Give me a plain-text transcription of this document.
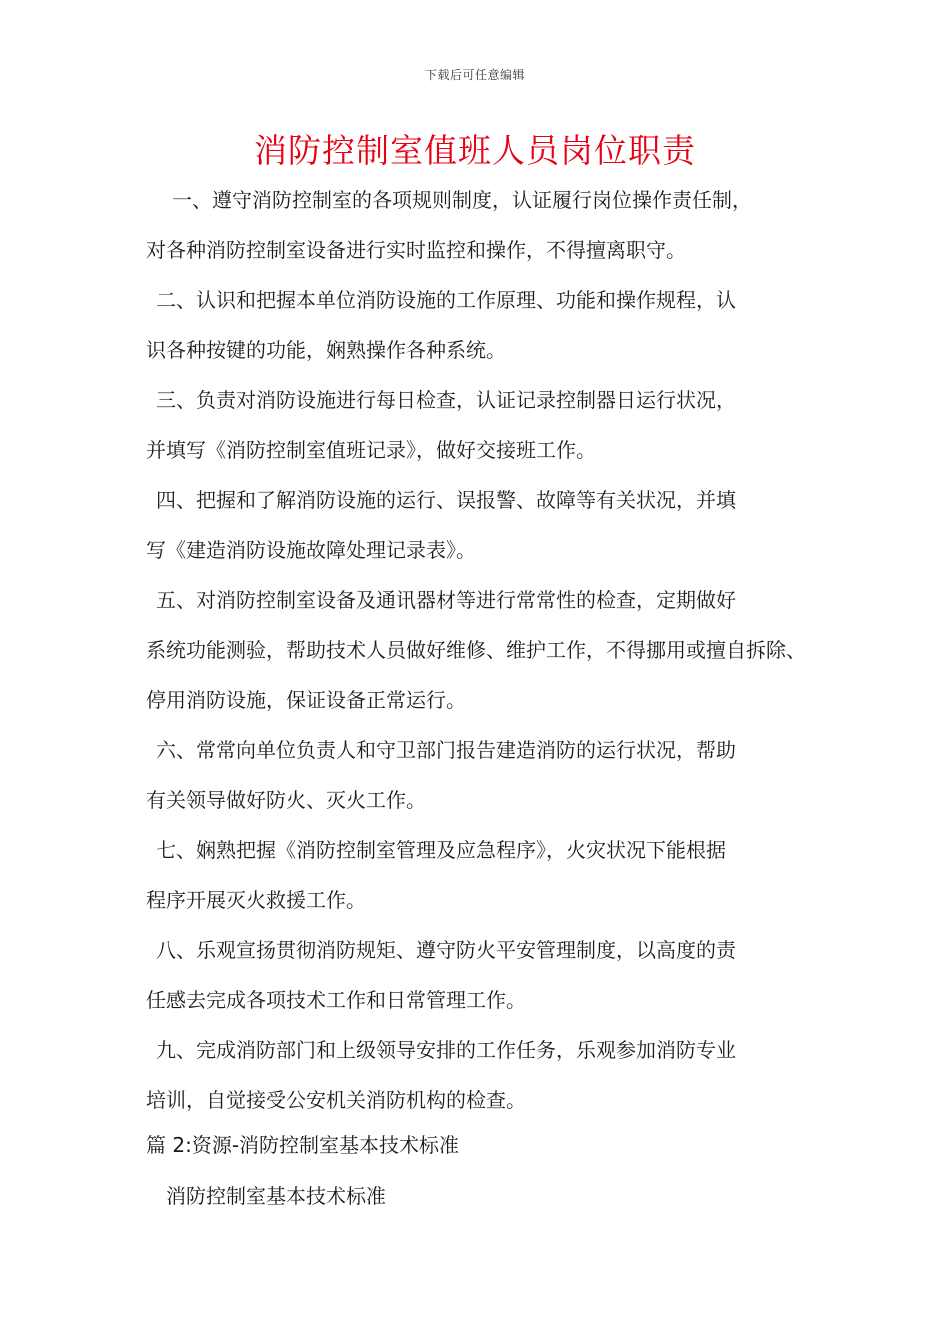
下载后可任意编辑
消防控制室值班人员岗位职责

一、遵守消防控制室的各项规则制度，认证履行岗位操作责任制，
对各种消防控制室设备进行实时监控和操作，不得擅离职守。

二、认识和把握本单位消防设施的工作原理、功能和操作规程，认
识各种按键的功能，娴熟操作各种系统。

三、负责对消防设施进行每日检查，认证记录控制器日运行状况，
并填写《消防控制室值班记录》，做好交接班工作。

四、把握和了解消防设施的运行、误报警、故障等有关状况，并填
写《建造消防设施故障处理记录表》。

五、对消防控制室设备及通讯器材等进行常常性的检查，定期做好
系统功能测验，帮助技术人员做好维修、维护工作，不得挪用或擅自拆除、停用消防设施，保证设备正常运行。

六、常常向单位负责人和守卫部门报告建造消防的运行状况，帮助
有关领导做好防火、灭火工作。

七、娴熟把握《消防控制室管理及应急程序》，火灾状况下能根据
程序开展灭火救援工作。

八、乐观宣扬贯彻消防规矩、遵守防火平安管理制度，以高度的责
任感去完成各项技术工作和日常管理工作。

九、完成消防部门和上级领导安排的工作任务，乐观参加消防专业
培训，自觉接受公安机关消防机构的检查。

篇 2:资源-消防控制室基本技术标准
消防控制室基本技术标准
